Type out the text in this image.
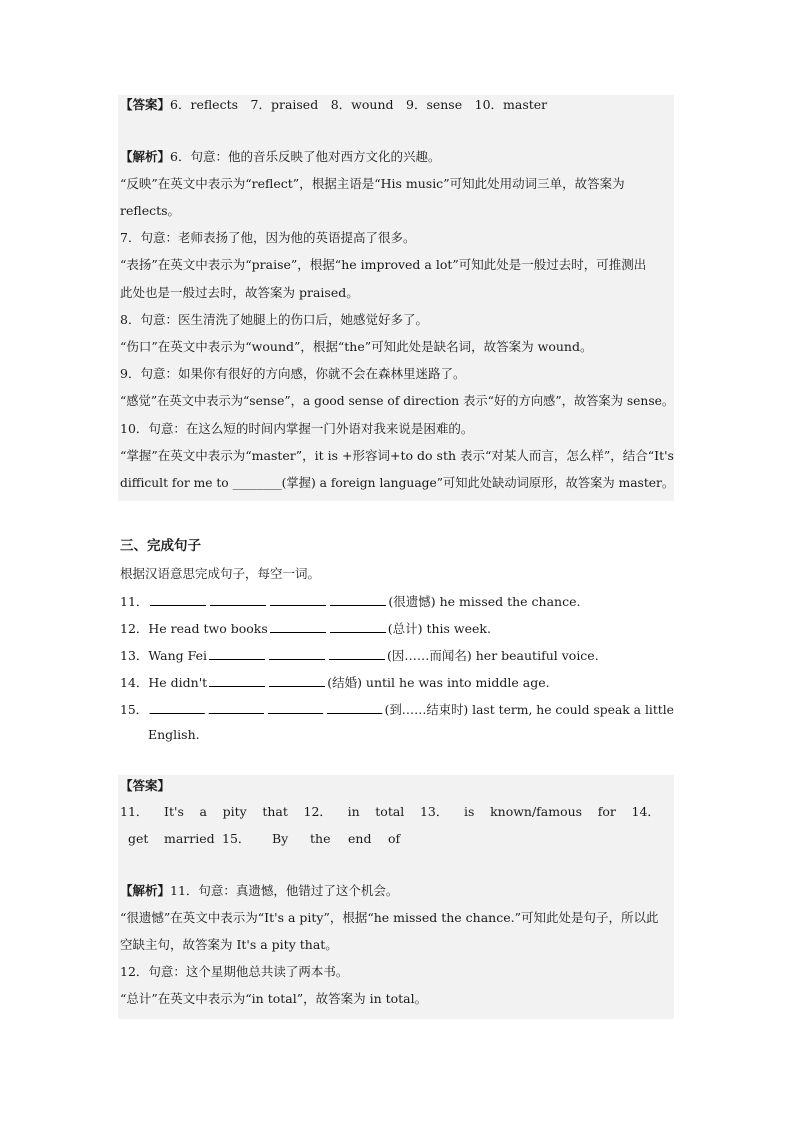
【答案】6．reflects　7．praised　8．wound　9．sense　10．master
【解析】6．句意：他的音乐反映了他对西方文化的兴趣。
“反映”在英文中表示为“reflect”，根据主语是“His music”可知此处用动词三单，故答案为
reflects。
7．句意：老师表扬了他，因为他的英语提高了很多。
“表扬”在英文中表示为“praise”，根据“he improved a lot”可知此处是一般过去时，可推测出
此处也是一般过去时，故答案为 praised。
8．句意：医生清洗了她腿上的伤口后，她感觉好多了。
“伤口”在英文中表示为“wound”，根据“the”可知此处是缺名词，故答案为 wound。
9．句意：如果你有很好的方向感，你就不会在森林里迷路了。
“感觉”在英文中表示为“sense”，a good sense of direction 表示“好的方向感”，故答案为 sense。
10．句意：在这么短的时间内掌握一门外语对我来说是困难的。
“掌握”在英文中表示为“master”，it is +形容词+to do sth 表示“对某人而言，怎么样”，结合“It's
difficult for me to ________(掌握) a foreign language”可知此处缺动词原形，故答案为 master。
三、完成句子
根据汉语意思完成句子，每空一词。
11．	(很遗憾) he missed the chance.
12．He read two books	(总计) this week.
13．Wang Fei	(因……而闻名) her beautiful voice.
14．He didn't	(结婚) until he was into middle age.
15．	(到……结束时) last term, he could speak a little
English.
【答案】
11． It's a pity that 12． in total 13． is known/famous for 14．
get	married 15．	By	the	end	of
【解析】11．句意：真遗憾，他错过了这个机会。
“很遗憾”在英文中表示为“It's a pity”，根据“he missed the chance.”可知此处是句子，所以此
空缺主句，故答案为 It's a pity that。
12．句意：这个星期他总共读了两本书。
“总计”在英文中表示为“in total”，故答案为 in total。
